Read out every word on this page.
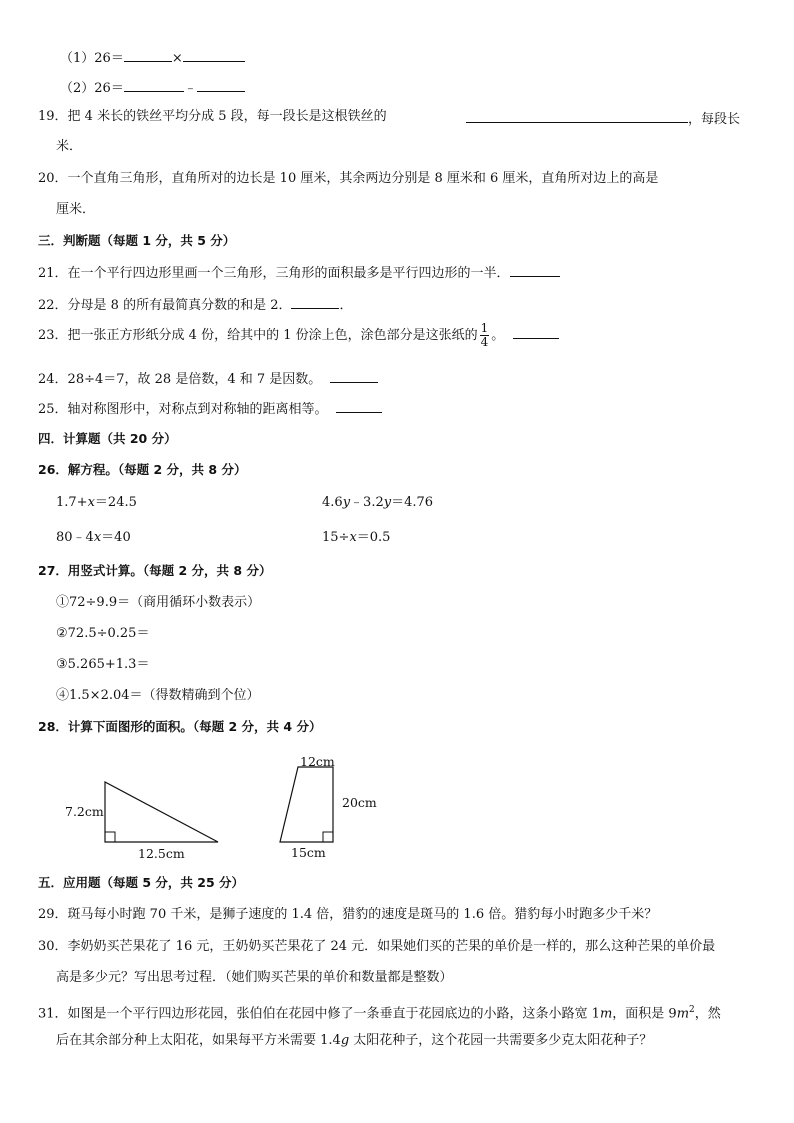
（1）26＝	×
（2）26＝	﹣
19．把 4 米长的铁丝平均分成 5 段，每一段长是这根铁丝的	，每段长
米．
20．一个直角三角形，直角所对的边长是 10 厘米，其余两边分别是 8 厘米和 6 厘米，直角所对边上的高是
厘米．
三．判断题（每题 1 分，共 5 分）
21．在一个平行四边形里画一个三角形，三角形的面积最多是平行四边形的一半．
22．分母是 8 的所有最简真分数的和是 2．	．
23．把一张正方形纸分成 4 份，给其中的 1 份涂上色，涂色部分是这张纸的 $\frac{1}{4}$ 。
24．28÷4＝7，故 28 是倍数，4 和 7 是因数。
25．轴对称图形中，对称点到对称轴的距离相等。
四．计算题（共 20 分）
26．解方程。（每题 2 分，共 8 分）
1.7+x＝24.5	4.6y﹣3.2y＝4.76
80﹣4x＝40	15÷x＝0.5
27．用竖式计算。（每题 2 分，共 8 分）
①72÷9.9＝（商用循环小数表示）
②72.5÷0.25＝
③5.265+1.3＝
④1.5×2.04＝（得数精确到个位）
28．计算下面图形的面积。（每题 2 分，共 4 分）
7.2cm
12.5cm
12cm
20cm
15cm
五．应用题（每题 5 分，共 25 分）
29．斑马每小时跑 70 千米，是狮子速度的 1.4 倍，猎豹的速度是斑马的 1.6 倍。猎豹每小时跑多少千米？
30．李奶奶买芒果花了 16 元，王奶奶买芒果花了 24 元．如果她们买的芒果的单价是一样的，那么这种芒果的单价最
高是多少元？写出思考过程．（她们购买芒果的单价和数量都是整数）
31．如图是一个平行四边形花园，张伯伯在花园中修了一条垂直于花园底边的小路，这条小路宽 1m，面积是 $9m^2$，然
后在其余部分种上太阳花，如果每平方米需要 1.4g 太阳花种子，这个花园一共需要多少克太阳花种子？
